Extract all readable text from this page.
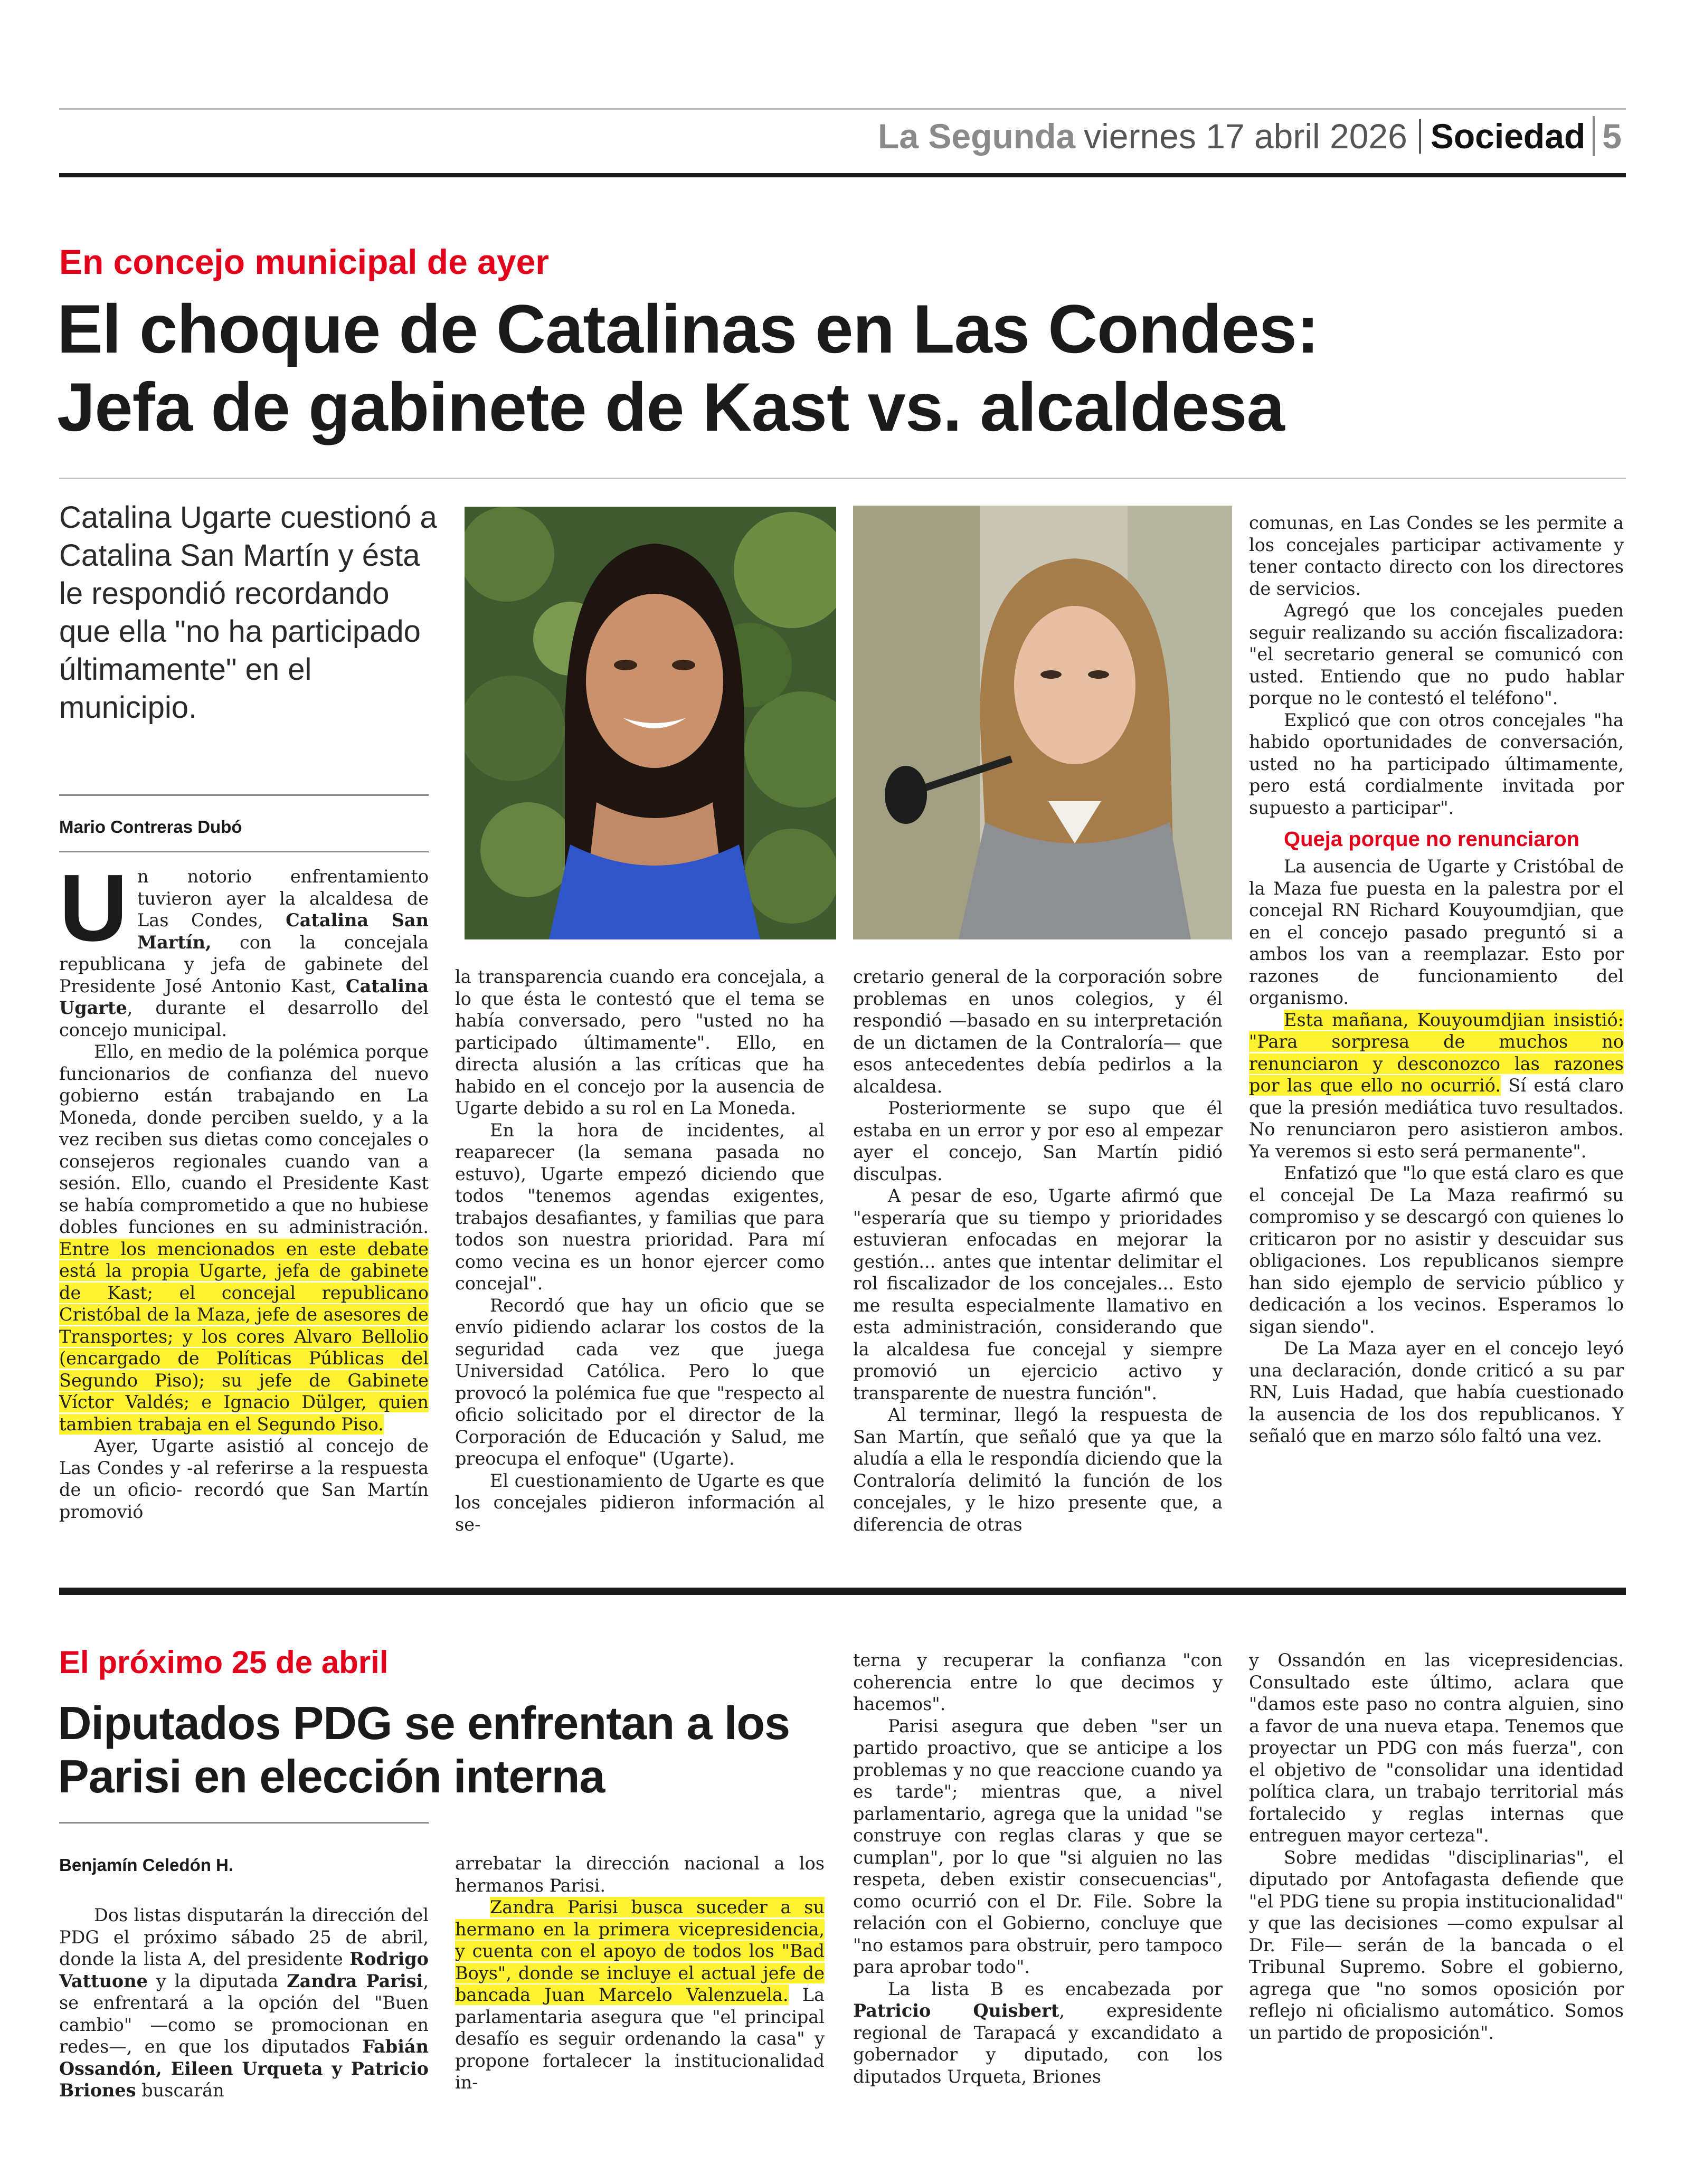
La Segunda viernes 17 abril 2026 Sociedad 5
En concejo municipal de ayer
El choque de Catalinas en Las Condes:
Jefa de gabinete de Kast vs. alcaldesa
Catalina Ugarte cuestionó a Catalina San Martín y ésta le respondió recordando que ella "no ha participado últimamente" en el municipio.
Mario Contreras Dubó

Un notorio enfrentamiento tuvieron ayer la alcaldesa de Las Condes, Catalina San Martín, con la concejala republicana y jefa de gabinete del Presidente José Antonio Kast, Catalina Ugarte, durante el desarrollo del concejo municipal.

Ello, en medio de la polémica porque funcionarios de confianza del nuevo gobierno están trabajando en La Moneda, donde perciben sueldo, y a la vez reciben sus dietas como concejales o consejeros regionales cuando van a sesión. Ello, cuando el Presidente Kast se había comprometido a que no hubiese dobles funciones en su administración. Entre los mencionados en este debate está la propia Ugarte, jefa de gabinete de Kast; el concejal republicano Cristóbal de la Maza, jefe de asesores de Transportes; y los cores Alvaro Bellolio (encargado de Políticas Públicas del Segundo Piso); su jefe de Gabinete Víctor Valdés; e Ignacio Dülger, quien tambien trabaja en el Segundo Piso.

Ayer, Ugarte asistió al concejo de Las Condes y -al referirse a la respuesta de un oficio- recordó que San Martín promovió

la transparencia cuando era concejala, a lo que ésta le contestó que el tema se había conversado, pero "usted no ha participado últimamente". Ello, en directa alusión a las críticas que ha habido en el concejo por la ausencia de Ugarte debido a su rol en La Moneda.

En la hora de incidentes, al reaparecer (la semana pasada no estuvo), Ugarte empezó diciendo que todos "tenemos agendas exigentes, trabajos desafiantes, y familias que para todos son nuestra prioridad. Para mí como vecina es un honor ejercer como concejal".

Recordó que hay un oficio que se envío pidiendo aclarar los costos de la seguridad cada vez que juega Universidad Católica. Pero lo que provocó la polémica fue que "respecto al oficio solicitado por el director de la Corporación de Educación y Salud, me preocupa el enfoque" (Ugarte).

El cuestionamiento de Ugarte es que los concejales pidieron información al se-

cretario general de la corporación sobre problemas en unos colegios, y él respondió —basado en su interpretación de un dictamen de la Contraloría— que esos antecedentes debía pedirlos a la alcaldesa.

Posteriormente se supo que él estaba en un error y por eso al empezar ayer el concejo, San Martín pidió disculpas.

A pesar de eso, Ugarte afirmó que "esperaría que su tiempo y prioridades estuvieran enfocadas en mejorar la gestión... antes que intentar delimitar el rol fiscalizador de los concejales... Esto me resulta especialmente llamativo en esta administración, considerando que la alcaldesa fue concejal y siempre promovió un ejercicio activo y transparente de nuestra función".

Al terminar, llegó la respuesta de San Martín, que señaló que ya que la aludía a ella le respondía diciendo que la Contraloría delimitó la función de los concejales, y le hizo presente que, a diferencia de otras

comunas, en Las Condes se les permite a los concejales participar activamente y tener contacto directo con los directores de servicios.

Agregó que los concejales pueden seguir realizando su acción fiscalizadora: "el secretario general se comunicó con usted. Entiendo que no pudo hablar porque no le contestó el teléfono".

Explicó que con otros concejales "ha habido oportunidades de conversación, usted no ha participado últimamente, pero está cordialmente invitada por supuesto a participar".

Queja porque no renunciaron

La ausencia de Ugarte y Cristóbal de la Maza fue puesta en la palestra por el concejal RN Richard Kouyoumdjian, que en el concejo pasado preguntó si a ambos los van a reemplazar. Esto por razones de funcionamiento del organismo.

Esta mañana, Kouyoumdjian insistió: "Para sorpresa de muchos no renunciaron y desconozco las razones por las que ello no ocurrió. Sí está claro que la presión mediática tuvo resultados. No renunciaron pero asistieron ambos. Ya veremos si esto será permanente".

Enfatizó que "lo que está claro es que el concejal De La Maza reafirmó su compromiso y se descargó con quienes lo criticaron por no asistir y descuidar sus obligaciones. Los republicanos siempre han sido ejemplo de servicio público y dedicación a los vecinos. Esperamos lo sigan siendo".

De La Maza ayer en el concejo leyó una declaración, donde criticó a su par RN, Luis Hadad, que había cuestionado la ausencia de los dos republicanos. Y señaló que en marzo sólo faltó una vez.

El próximo 25 de abril
Diputados PDG se enfrentan a los
Parisi en elección interna
Benjamín Celedón H.

Dos listas disputarán la dirección del PDG el próximo sábado 25 de abril, donde la lista A, del presidente Rodrigo Vattuone y la diputada Zandra Parisi, se enfrentará a la opción del "Buen cambio" —como se promocionan en redes—, en que los diputados Fabián Ossandón, Eileen Urqueta y Patricio Briones buscarán

arrebatar la dirección nacional a los hermanos Parisi.

Zandra Parisi busca suceder a su hermano en la primera vicepresidencia, y cuenta con el apoyo de todos los "Bad Boys", donde se incluye el actual jefe de bancada Juan Marcelo Valenzuela. La parlamentaria asegura que "el principal desafío es seguir ordenando la casa" y propone fortalecer la institucionalidad in-

terna y recuperar la confianza "con coherencia entre lo que decimos y hacemos".

Parisi asegura que deben "ser un partido proactivo, que se anticipe a los problemas y no que reaccione cuando ya es tarde"; mientras que, a nivel parlamentario, agrega que la unidad "se construye con reglas claras y que se cumplan", por lo que "si alguien no las respeta, deben existir consecuencias", como ocurrió con el Dr. File. Sobre la relación con el Gobierno, concluye que "no estamos para obstruir, pero tampoco para aprobar todo".

La lista B es encabezada por Patricio Quisbert, expresidente regional de Tarapacá y excandidato a gobernador y diputado, con los diputados Urqueta, Briones

y Ossandón en las vicepresidencias. Consultado este último, aclara que "damos este paso no contra alguien, sino a favor de una nueva etapa. Tenemos que proyectar un PDG con más fuerza", con el objetivo de "consolidar una identidad política clara, un trabajo territorial más fortalecido y reglas internas que entreguen mayor certeza".

Sobre medidas "disciplinarias", el diputado por Antofagasta defiende que "el PDG tiene su propia institucionalidad" y que las decisiones —como expulsar al Dr. File— serán de la bancada o el Tribunal Supremo. Sobre el gobierno, agrega que "no somos oposición por reflejo ni oficialismo automático. Somos un partido de proposición".
